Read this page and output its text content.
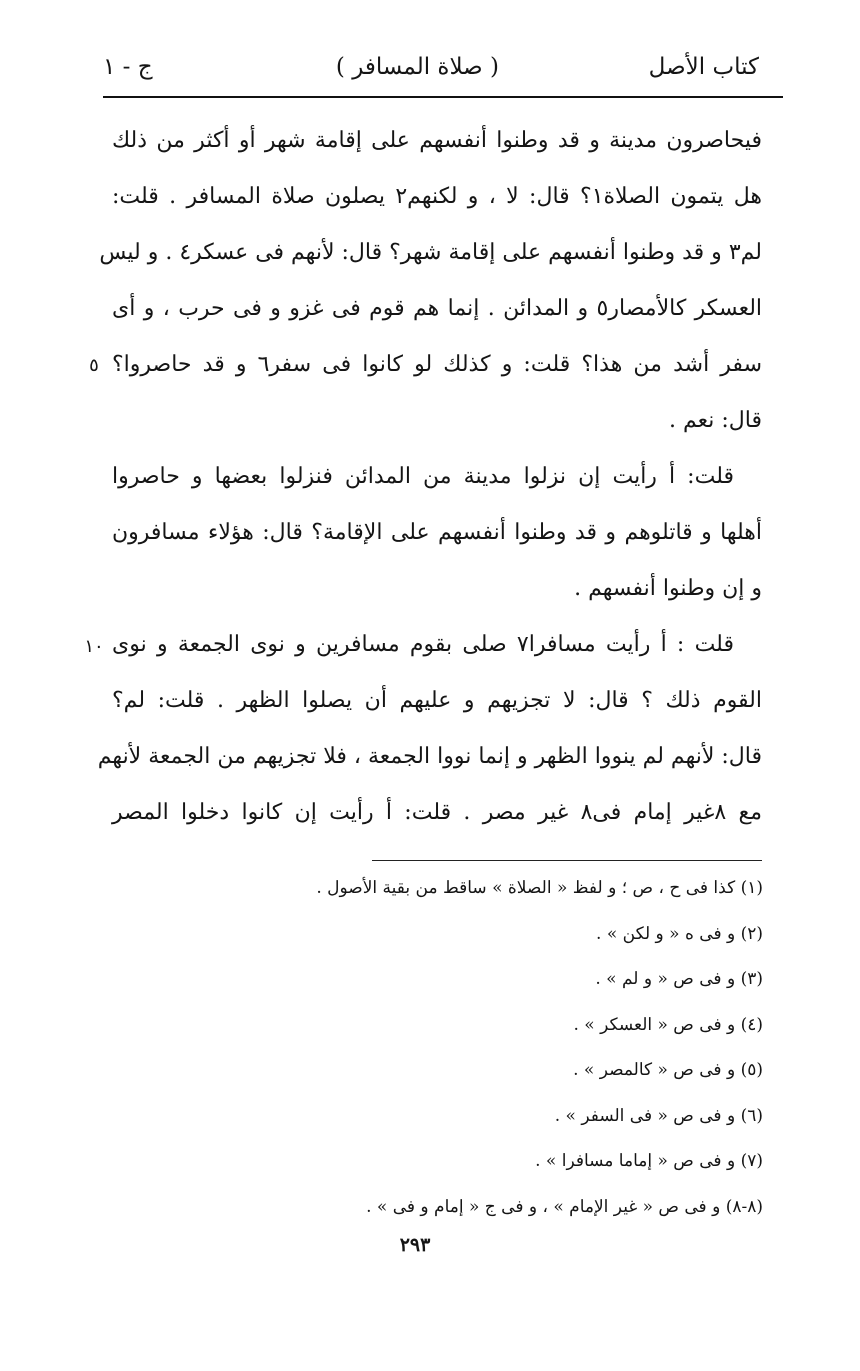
كتاب الأصل
( صلاة المسافر )
ج - ١
فيحاصرون مدينة و قد وطنوا أنفسهم على إقامة شهر أو أكثر من ذلك
هل يتمون الصلاة١؟ قال: لا ، و لكنهم٢ يصلون صلاة المسافر . قلت:
لم٣ و قد وطنوا أنفسهم على إقامة شهر؟ قال: لأنهم فى عسكر٤ . و ليس
العسكر كالأمصار٥ و المدائن . إنما هم قوم فى غزو و فى حرب ، و أى
سفر أشد من هذا؟ قلت: و كذلك لو كانوا فى سفر٦ و قد حاصروا؟
قال: نعم .
قلت: أ رأيت إن نزلوا مدينة من المدائن فنزلوا بعضها و حاصروا
أهلها و قاتلوهم و قد وطنوا أنفسهم على الإقامة؟ قال: هؤلاء مسافرون
و إن وطنوا أنفسهم .
قلت : أ رأيت مسافرا٧ صلى بقوم مسافرين و نوى الجمعة و نوى
القوم ذلك ؟ قال: لا تجزيهم و عليهم أن يصلوا الظهر . قلت: لم؟
قال: لأنهم لم ينووا الظهر و إنما نووا الجمعة ، فلا تجزيهم من الجمعة لأنهم
مع ٨غير إمام فى٨ غير مصر . قلت: أ رأيت إن كانوا دخلوا المصر
٥
١٠
(١) كذا فى ح ، ص ؛ و لفظ « الصلاة » ساقط من بقية الأصول .
(٢) و فى ه « و لكن » .
(٣) و فى ص « و لم » .
(٤) و فى ص « العسكر » .
(٥) و فى ص « كالمصر » .
(٦) و فى ص « فى السفر » .
(٧) و فى ص « إماما مسافرا » .
(٨-٨) و فى ص « غير الإمام » ، و فى ج « إمام و فى » .
٢٩٣
